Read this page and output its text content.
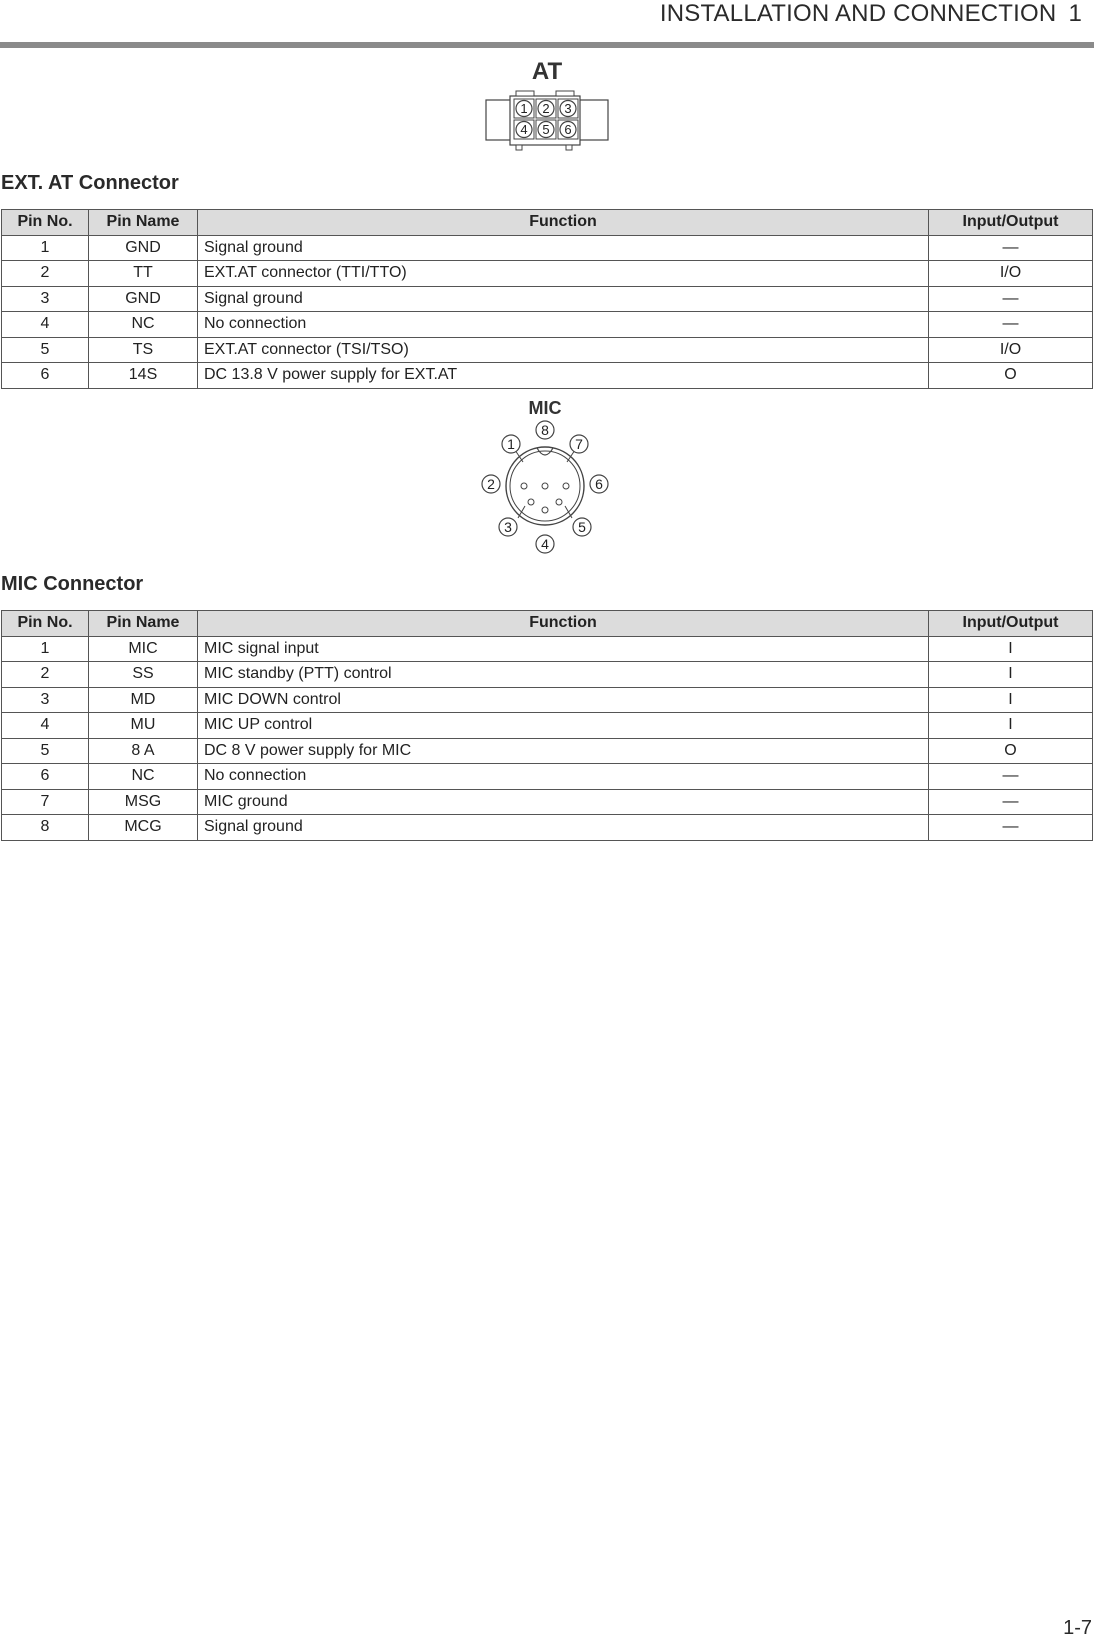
INSTALLATION AND CONNECTION 1
AT
1 2 3
4 5 6
EXT. AT Connector
Pin No.	Pin Name	Function	Input/Output
1	GND	Signal ground	—
2	TT	EXT.AT connector (TTI/TTO)	I/O
3	GND	Signal ground	—
4	NC	No connection	—
5	TS	EXT.AT connector (TSI/TSO)	I/O
6	14S	DC 13.8 V power supply for EXT.AT	O
MIC
1
2
3
4
5
6
7
8
MIC Connector
Pin No.	Pin Name	Function	Input/Output
1	MIC	MIC signal input	I
2	SS	MIC standby (PTT) control	I
3	MD	MIC DOWN control	I
4	MU	MIC UP control	I
5	8 A	DC 8 V power supply for MIC	O
6	NC	No connection	—
7	MSG	MIC ground	—
8	MCG	Signal ground	—
1-7
